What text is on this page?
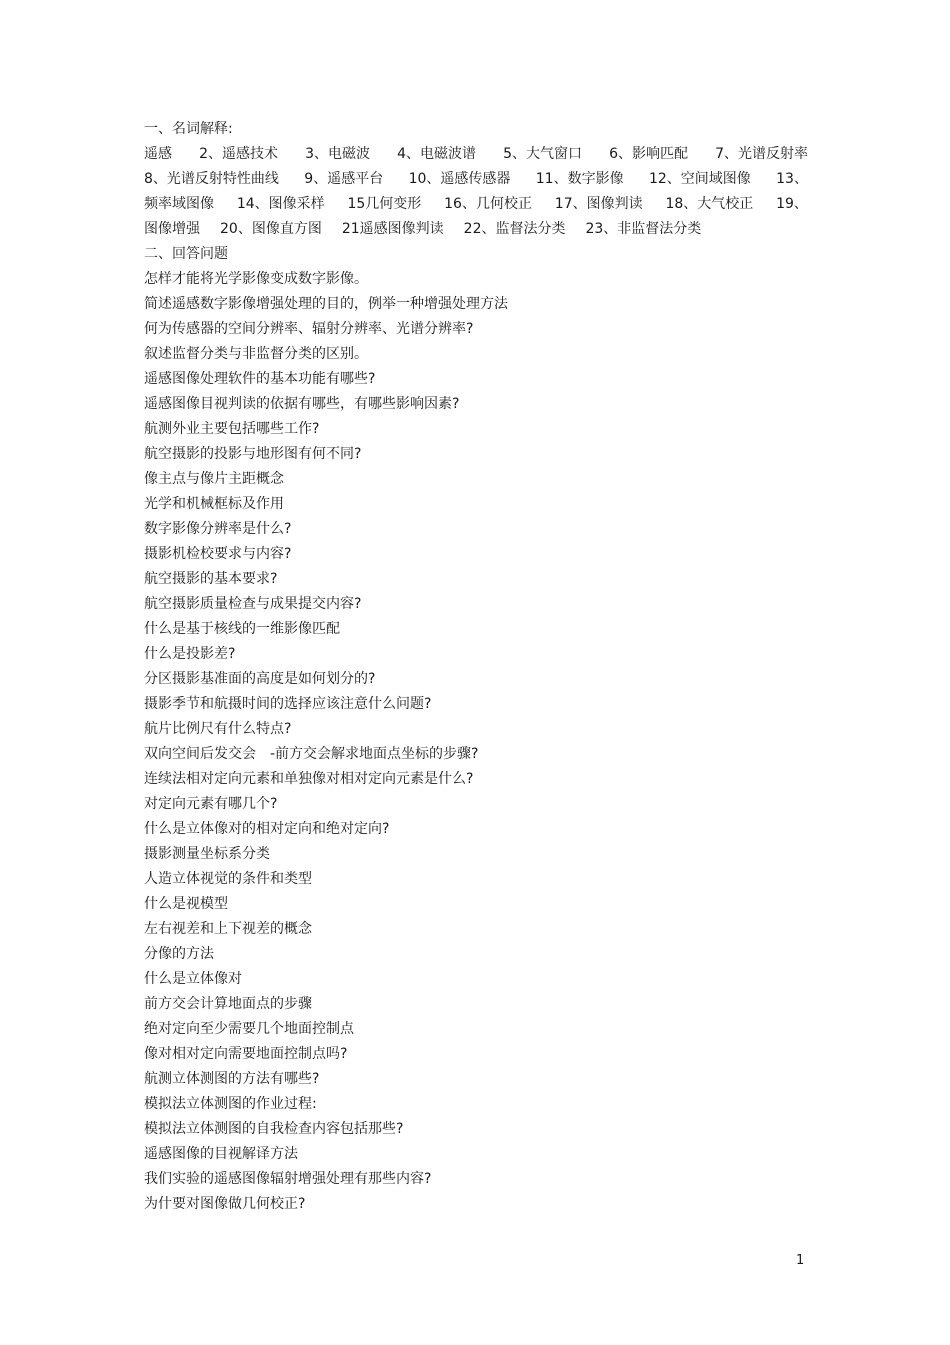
一、名词解释:
遥感 2、遥感技术 3、电磁波 4、电磁波谱 5、大气窗口 6、影响匹配 7、光谱反射率
8、光谱反射特性曲线 9、遥感平台 10、遥感传感器 11、数字影像 12、空间域图像 13、
频率域图像 14、图像采样 15几何变形 16、几何校正 17、图像判读 18、大气校正 19、
图像增强 20、图像直方图 21遥感图像判读 22、监督法分类 23、非监督法分类
二、回答问题
怎样才能将光学影像变成数字影像。
简述遥感数字影像增强处理的目的，例举一种增强处理方法
何为传感器的空间分辨率、辐射分辨率、光谱分辨率?
叙述监督分类与非监督分类的区别。
遥感图像处理软件的基本功能有哪些?
遥感图像目视判读的依据有哪些，有哪些影响因素?
航测外业主要包括哪些工作?
航空摄影的投影与地形图有何不同?
像主点与像片主距概念
光学和机械框标及作用
数字影像分辨率是什么?
摄影机检校要求与内容?
航空摄影的基本要求?
航空摄影质量检查与成果提交内容?
什么是基于核线的一维影像匹配
什么是投影差?
分区摄影基准面的高度是如何划分的?
摄影季节和航摄时间的选择应该注意什么问题?
航片比例尺有什么特点?
双向空间后发交会　-前方交会解求地面点坐标的步骤?
连续法相对定向元素和单独像对相对定向元素是什么?
对定向元素有哪几个?
什么是立体像对的相对定向和绝对定向?
摄影测量坐标系分类
人造立体视觉的条件和类型
什么是视模型
左右视差和上下视差的概念
分像的方法
什么是立体像对
前方交会计算地面点的步骤
绝对定向至少需要几个地面控制点
像对相对定向需要地面控制点吗?
航测立体测图的方法有哪些?
模拟法立体测图的作业过程:
模拟法立体测图的自我检查内容包括那些?
遥感图像的目视解译方法
我们实验的遥感图像辐射增强处理有那些内容?
为什要对图像做几何校正?
1
